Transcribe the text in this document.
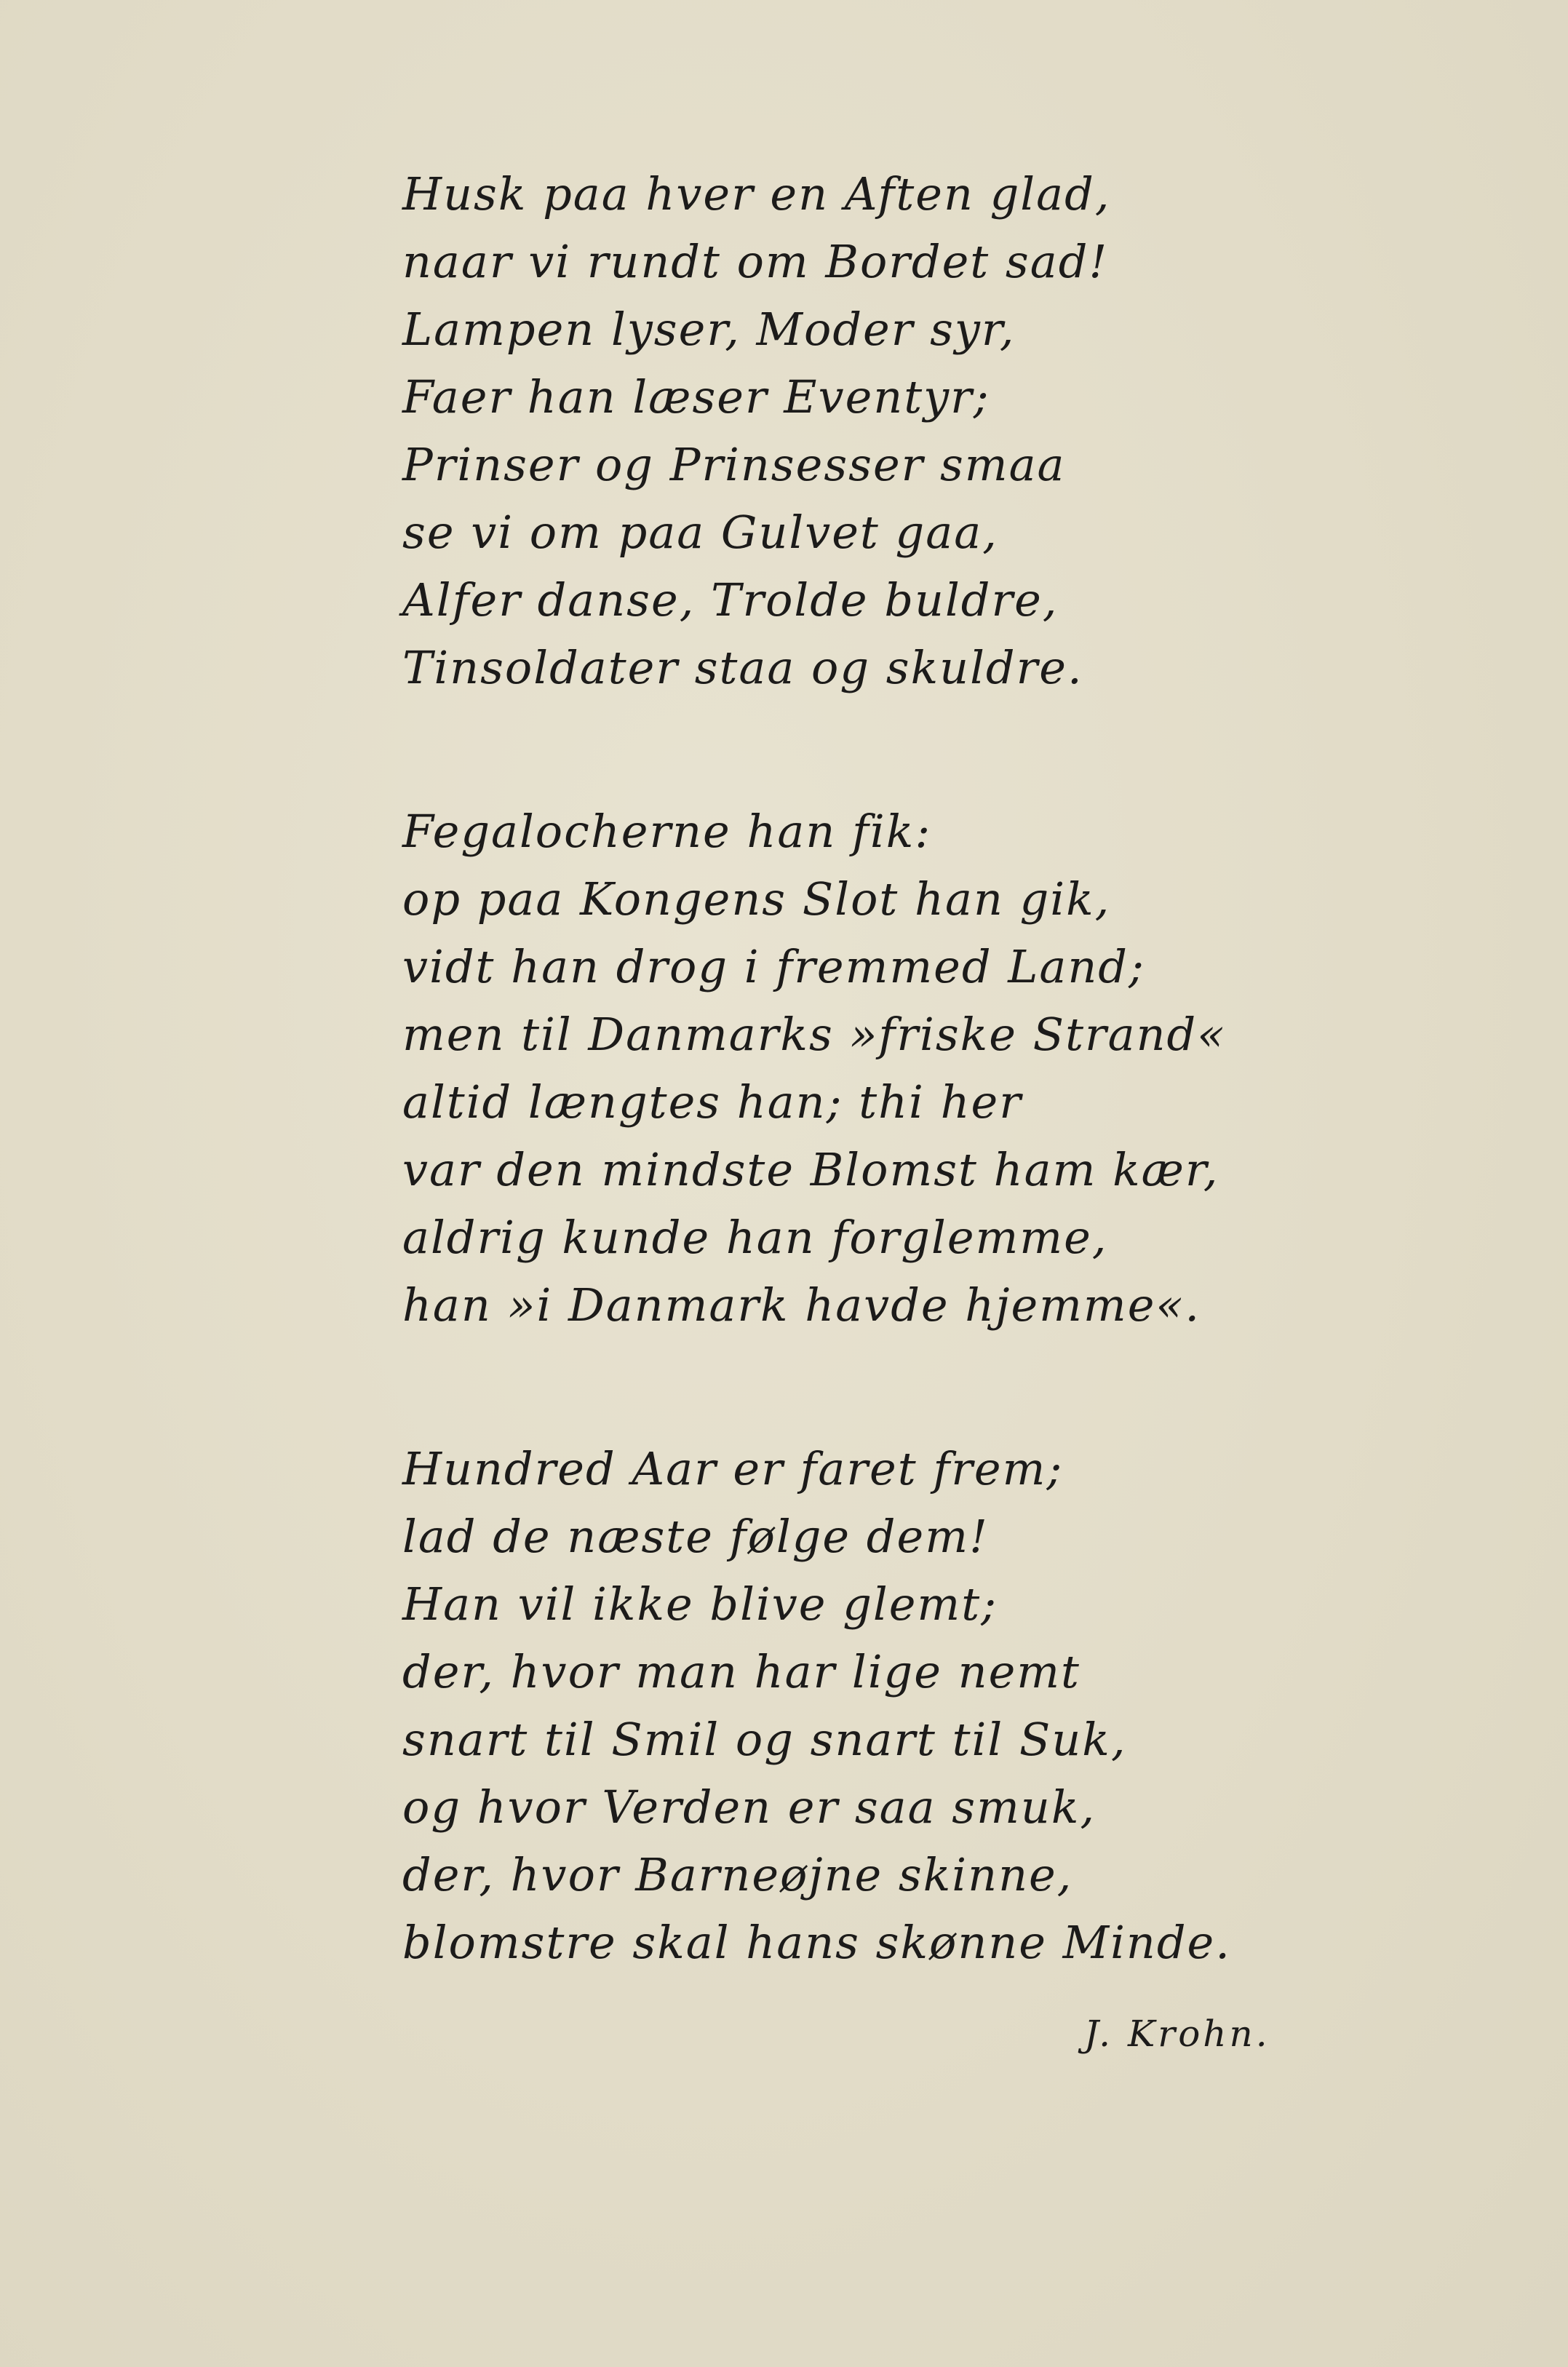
Husk paa hver en Aften glad,
naar vi rundt om Bordet sad!
Lampen lyser, Moder syr,
Faer han læser Eventyr;
Prinser og Prinsesser smaa
se vi om paa Gulvet gaa,
Alfer danse, Trolde buldre,
Tinsoldater staa og skuldre.
Fegalocherne han fik:
op paa Kongens Slot han gik,
vidt han drog i fremmed Land;
men til Danmarks »friske Strand«
altid længtes han; thi her
var den mindste Blomst ham kær,
aldrig kunde han forglemme,
han »i Danmark havde hjemme«.
Hundred Aar er faret frem;
lad de næste følge dem!
Han vil ikke blive glemt;
der, hvor man har lige nemt
snart til Smil og snart til Suk,
og hvor Verden er saa smuk,
der, hvor Barneøjne skinne,
blomstre skal hans skønne Minde.
J. Krohn.
